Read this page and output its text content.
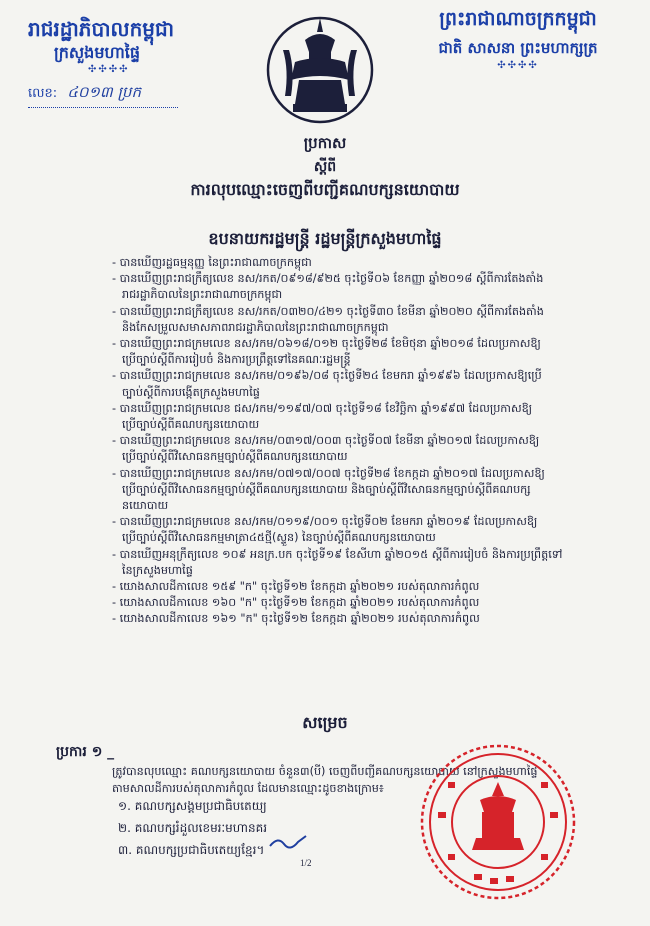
រាជរដ្ឋាភិបាលកម្ពុជា
ក្រសួងមហាផ្ទៃ
✣✣✣✣
លេខ: ៤០១៣ ប្រក
ព្រះរាជាណាចក្រកម្ពុជា
ជាតិ សាសនា ព្រះមហាក្សត្រ
✣✣✣✣
ប្រកាស
ស្តីពី
ការលុបឈ្មោះចេញពីបញ្ជីគណបក្សនយោបាយ
ឧបនាយករដ្ឋមន្ត្រី រដ្ឋមន្ត្រីក្រសួងមហាផ្ទៃ
- បានឃើញរដ្ឋធម្មនុញ្ញ នៃព្រះរាជាណាចក្រកម្ពុជា
- បានឃើញព្រះរាជក្រឹត្យលេខ នស/រកត/០៩១៨/៩២៥ ចុះថ្ងៃទី០៦ ខែកញ្ញា ឆ្នាំ២០១៨ ស្តីពីការតែងតាំង
រាជរដ្ឋាភិបាលនៃព្រះរាជាណាចក្រកម្ពុជា
- បានឃើញព្រះរាជក្រឹត្យលេខ នស/រកត/០៣២០/៤២១ ចុះថ្ងៃទី៣០ ខែមីនា ឆ្នាំ២០២០ ស្តីពីការតែងតាំង
និងកែសម្រួលសមាសភាពរាជរដ្ឋាភិបាលនៃព្រះរាជាណាចក្រកម្ពុជា
- បានឃើញព្រះរាជក្រមលេខ នស/រកម/០៦១៨/០១២ ចុះថ្ងៃទី២៨ ខែមិថុនា ឆ្នាំ២០១៨ ដែលប្រកាសឱ្យ
ប្រើច្បាប់ស្តីពីការរៀបចំ និងការប្រព្រឹត្តទៅនៃគណៈរដ្ឋមន្ត្រី
- បានឃើញព្រះរាជក្រមលេខ នស/រកម/០១៩៦/០៨ ចុះថ្ងៃទី២៤ ខែមករា ឆ្នាំ១៩៩៦ ដែលប្រកាសឱ្យប្រើ
ច្បាប់ស្តីពីការបង្កើតក្រសួងមហាផ្ទៃ
- បានឃើញព្រះរាជក្រមលេខ ជស/រកម/១១៩៧/០៧ ចុះថ្ងៃទី១៨ ខែវិច្ឆិកា ឆ្នាំ១៩៩៧ ដែលប្រកាសឱ្យ
ប្រើច្បាប់ស្តីពីគណបក្សនយោបាយ
- បានឃើញព្រះរាជក្រមលេខ នស/រកម/០៣១៧/០០៣ ចុះថ្ងៃទី០៧ ខែមីនា ឆ្នាំ២០១៧ ដែលប្រកាសឱ្យ
ប្រើច្បាប់ស្តីពីវិសោធនកម្មច្បាប់ស្តីពីគណបក្សនយោបាយ
- បានឃើញព្រះរាជក្រមលេខ នស/រកម/០៧១៧/០០៧ ចុះថ្ងៃទី២៨ ខែកក្កដា ឆ្នាំ២០១៧ ដែលប្រកាសឱ្យ
ប្រើច្បាប់ស្តីពីវិសោធនកម្មច្បាប់ស្តីពីគណបក្សនយោបាយ និងច្បាប់ស្តីពីវិសោធនកម្មច្បាប់ស្តីពីគណបក្ស
នយោបាយ
- បានឃើញព្រះរាជក្រមលេខ នស/រកម/០១១៩/០០១ ចុះថ្ងៃទី០២ ខែមករា ឆ្នាំ២០១៩ ដែលប្រកាសឱ្យ
ប្រើច្បាប់ស្តីពីវិសោធនកម្មមាត្រា៤៥ថ្មី(ស្ទួន) នៃច្បាប់ស្តីពីគណបក្សនយោបាយ
- បានឃើញអនុក្រឹត្យលេខ ១០៩ អនក្រ.បក ចុះថ្ងៃទី១៩ ខែសីហា ឆ្នាំ២០១៥ ស្តីពីការរៀបចំ និងការប្រព្រឹត្តទៅ
នៃក្រសួងមហាផ្ទៃ
- យោងសាលដីកាលេខ ១៥៩ "ក" ចុះថ្ងៃទី១២ ខែកក្កដា ឆ្នាំ២០២១ របស់តុលាការកំពូល
- យោងសាលដីកាលេខ ១៦០ "ក" ចុះថ្ងៃទី១២ ខែកក្កដា ឆ្នាំ២០២១ របស់តុលាការកំពូល
- យោងសាលដីកាលេខ ១៦១ "ក" ចុះថ្ងៃទី១២ ខែកក្កដា ឆ្នាំ២០២១ របស់តុលាការកំពូល
សម្រេច
ប្រការ ១ _
ត្រូវបានលុបឈ្មោះ គណបក្សនយោបាយ ចំនួន៣(បី) ចេញពីបញ្ជីគណបក្សនយោបាយ នៅក្រសួងមហាផ្ទៃ
តាមសាលដីការបស់តុលាការកំពូល ដែលមានឈ្មោះដូចខាងក្រោម៖
១. គណបក្សសង្គមប្រជាធិបតេយ្យ
២. គណបក្សរំដួលខេមរៈមហានគរ
៣. គណបក្សប្រជាធិបតេយ្យខ្មែរ។
1/2
